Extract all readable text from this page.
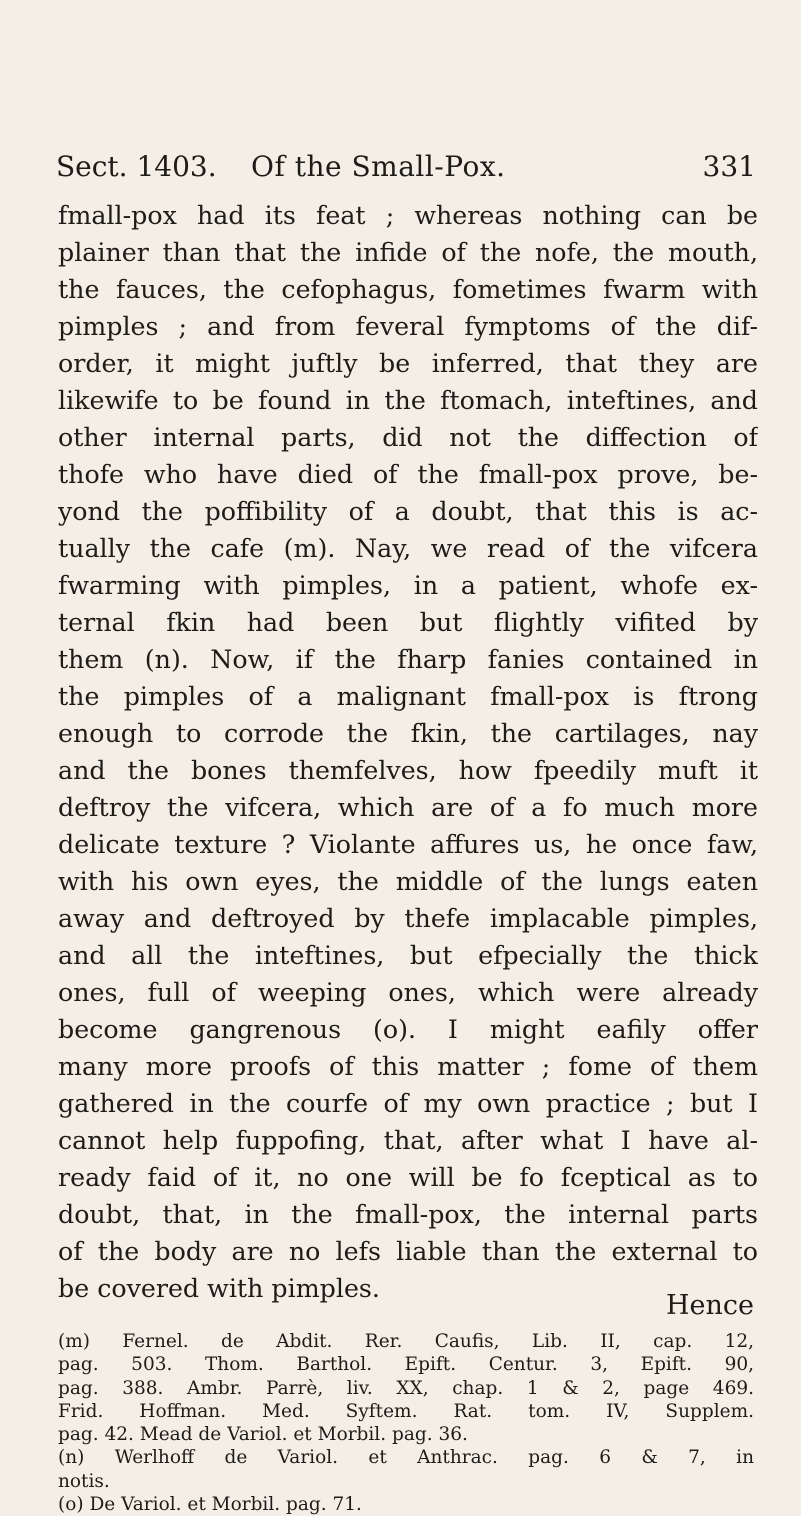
Sect. 1403. Of the Small-Pox.	331
fmall-pox had its feat ; whereas nothing can be
plainer than that the infide of the nofe, the mouth,
the fauces, the cefophagus, fometimes fwarm with
pimples ; and from feveral fymptoms of the dif-
order, it might juftly be inferred, that they are
likewife to be found in the ftomach, inteftines, and
other internal parts, did not the diffection of
thofe who have died of the fmall-pox prove, be-
yond the poffibility of a doubt, that this is ac-
tually the cafe (m). Nay, we read of the vifcera
fwarming with pimples, in a patient, whofe ex-
ternal fkin had been but flightly vifited by
them (n). Now, if the fharp fanies contained in
the pimples of a malignant fmall-pox is ftrong
enough to corrode the fkin, the cartilages, nay
and the bones themfelves, how fpeedily muft it
deftroy the vifcera, which are of a fo much more
delicate texture ? Violante affures us, he once faw,
with his own eyes, the middle of the lungs eaten
away and deftroyed by thefe implacable pimples,
and all the inteftines, but efpecially the thick
ones, full of weeping ones, which were already
become gangrenous (o). I might eafily offer
many more proofs of this matter ; fome of them
gathered in the courfe of my own practice ; but I
cannot help fuppofing, that, after what I have al-
ready faid of it, no one will be fo fceptical as to
doubt, that, in the fmall-pox, the internal parts
of the body are no lefs liable than the external to
be covered with pimples.
Hence
(m) Fernel. de Abdit. Rer. Caufis, Lib. II, cap. 12,
pag. 503. Thom. Barthol. Epift. Centur. 3, Epift. 90,
pag. 388. Ambr. Parrè, liv. XX, chap. 1 & 2, page 469.
Frid. Hoffman. Med. Syftem. Rat. tom. IV, Supplem.
pag. 42. Mead de Variol. et Morbil. pag. 36.
(n) Werlhoff de Variol. et Anthrac. pag. 6 & 7, in
notis.
(o) De Variol. et Morbil. pag. 71.
